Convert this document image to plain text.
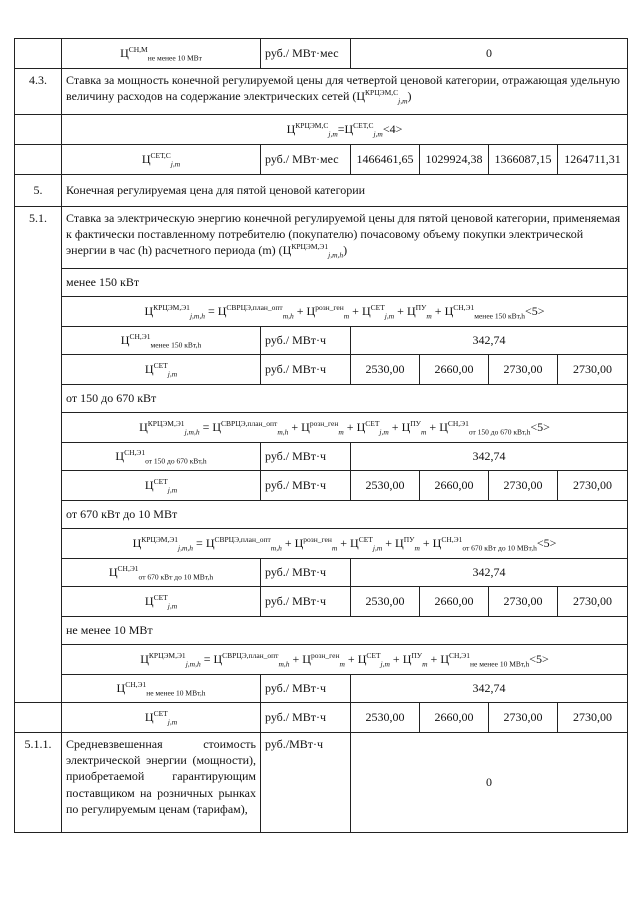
	$Ц^{СН,М}_{не менее 10 МВт}$	руб./ МВт·мес	0			
4.3.	Ставка за мощность конечной регулируемой цены для четвертой ценовой категории, отражающая удельную величину расходов на содержание электрических сетей $(Ц^{КРЦЭМ,С}_{j,m})$					
	$Ц^{КРЦЭМ,С}_{j,m}=Ц^{СЕТ,С}_{j,m}<4>$					
	$Ц^{СЕТ,С}_{j,m}$	руб./ МВт·мес	1466461,65	1029924,38	1366087,15	1264711,31
5.	Конечная регулируемая цена для пятой ценовой категории					
5.1.	Ставка за электрическую энергию конечной регулируемой цены для пятой ценовой категории, применяемая к фактически поставленному потребителю (покупателю) почасовому объему покупки электрической энергии в час (h) расчетного периода (m) $(Ц^{КРЦЭМ,Э1}_{j,m,h})$					
	менее 150 кВт					
	$Ц^{КРЦЭМ,Э1}_{j,m,h} = Ц^{СВРЦЭ,план\_опт}_{m,h} + Ц^{розн\_ген}_m + Ц^{СЕТ}_{j,m} + Ц^{ПУ}_m + Ц^{СН,Э1}_{менее 150 кВт,h}<5>$					
	$Ц^{СН,Э1}_{менее 150 кВт,h}$	руб./ МВт·ч	342,74			
	$Ц^{СЕТ}_{j,m}$	руб./ МВт·ч	2530,00	2660,00	2730,00	2730,00
	от 150 до 670 кВт					
	$Ц^{КРЦЭМ,Э1}_{j,m,h} = Ц^{СВРЦЭ,план\_опт}_{m,h} + Ц^{розн\_ген}_m + Ц^{СЕТ}_{j,m} + Ц^{ПУ}_m + Ц^{СН,Э1}_{от 150 до 670 кВт,h}<5>$					
	$Ц^{СН,Э1}_{от 150 до 670 кВт,h}$	руб./ МВт·ч	342,74			
	$Ц^{СЕТ}_{j,m}$	руб./ МВт·ч	2530,00	2660,00	2730,00	2730,00
	от 670 кВт до 10 МВт					
	$Ц^{КРЦЭМ,Э1}_{j,m,h} = Ц^{СВРЦЭ,план\_опт}_{m,h} + Ц^{розн\_ген}_m + Ц^{СЕТ}_{j,m} + Ц^{ПУ}_m + Ц^{СН,Э1}_{от 670 кВт до 10 МВт,h}<5>$					
	$Ц^{СН,Э1}_{от 670 кВт до 10 МВт,h}$	руб./ МВт·ч	342,74			
	$Ц^{СЕТ}_{j,m}$	руб./ МВт·ч	2530,00	2660,00	2730,00	2730,00
	не менее 10 МВт					
	$Ц^{КРЦЭМ,Э1}_{j,m,h} = Ц^{СВРЦЭ,план\_опт}_{m,h} + Ц^{розн\_ген}_m + Ц^{СЕТ}_{j,m} + Ц^{ПУ}_m + Ц^{СН,Э1}_{не менее 10 МВт,h}<5>$					
	$Ц^{СН,Э1}_{не менее 10 МВт,h}$	руб./ МВт·ч	342,74			
	$Ц^{СЕТ}_{j,m}$	руб./ МВт·ч	2530,00	2660,00	2730,00	2730,00
5.1.1.	Средневзвешенная стоимость электрической энергии (мощности), приобретаемой гарантирующим поставщиком на розничных рынках по регулируемым ценам (тарифам),	руб./МВт·ч	0			
